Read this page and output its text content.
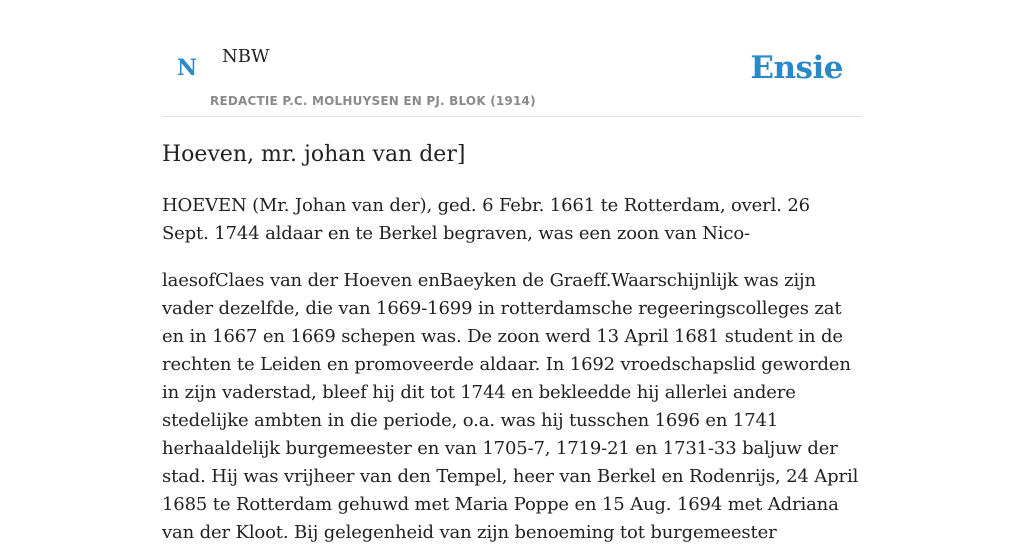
N NBW
REDACTIE P.C. MOLHUYSEN EN PJ. BLOK (1914)
Ensie
Hoeven, mr. johan van der]

HOEVEN (Mr. Johan van der), ged. 6 Febr. 1661 te Rotterdam, overl. 26 Sept. 1744 aldaar en te Berkel begraven, was een zoon van Nico-

laesofClaes van der Hoeven enBaeyken de Graeff.Waarschijnlijk was zijn vader dezelfde, die van 1669-1699 in rotterdamsche regeeringscolleges zat en in 1667 en 1669 schepen was. De zoon werd 13 April 1681 student in de rechten te Leiden en promoveerde aldaar. In 1692 vroedschapslid geworden in zijn vaderstad, bleef hij dit tot 1744 en bekleedde hij allerlei andere stedelijke ambten in die periode, o.a. was hij tusschen 1696 en 1741 herhaaldelijk burgemeester en van 1705-7, 1719-21 en 1731-33 baljuw der stad. Hij was vrijheer van den Tempel, heer van Berkel en Rodenrijs, 24 April 1685 te Rotterdam gehuwd met Maria Poppe en 15 Aug. 1694 met Adriana van der Kloot. Bij gelegenheid van zijn benoeming tot burgemeester
